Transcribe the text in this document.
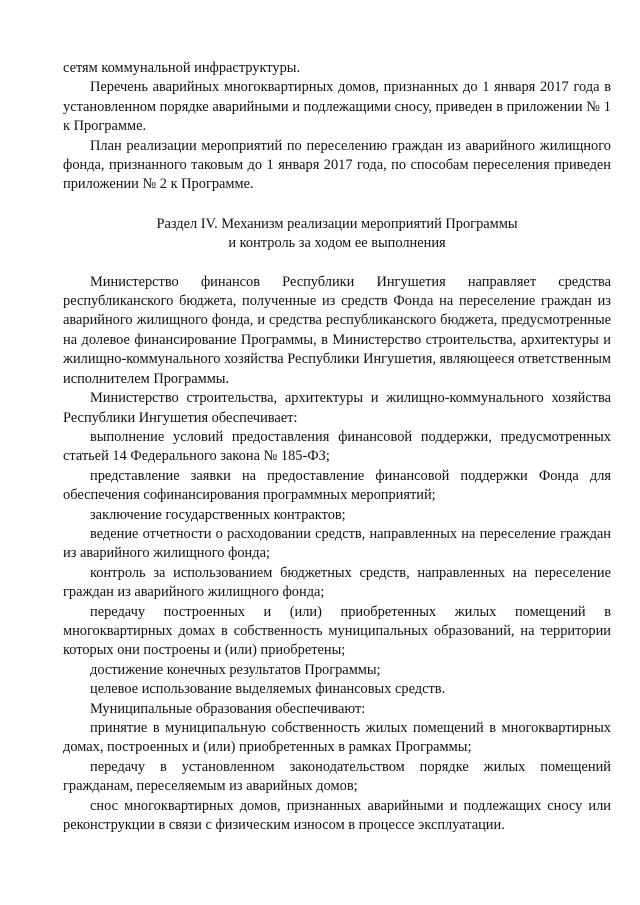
сетям коммунальной инфраструктуры.

Перечень аварийных многоквартирных домов, признанных до 1 января 2017 года в установленном порядке аварийными и подлежащими сносу, приведен в приложении № 1 к Программе.

План реализации мероприятий по переселению граждан из аварийного жилищного фонда, признанного таковым до 1 января 2017 года, по способам переселения приведен приложении № 2 к Программе.

Раздел IV. Механизм реализации мероприятий Программы
и контроль за ходом ее выполнения

Министерство финансов Республики Ингушетия направляет средства республиканского бюджета, полученные из средств Фонда на переселение граждан из аварийного жилищного фонда, и средства республиканского бюджета, предусмотренные на долевое финансирование Программы, в Министерство строительства, архитектуры и жилищно-коммунального хозяйства Республики Ингушетия, являющееся ответственным исполнителем Программы.

Министерство строительства, архитектуры и жилищно-коммунального хозяйства Республики Ингушетия обеспечивает:

выполнение условий предоставления финансовой поддержки, предусмотренных статьей 14 Федерального закона № 185-ФЗ;

представление заявки на предоставление финансовой поддержки Фонда для обеспечения софинансирования программных мероприятий;

заключение государственных контрактов;

ведение отчетности о расходовании средств, направленных на переселение граждан из аварийного жилищного фонда;

контроль за использованием бюджетных средств, направленных на переселение граждан из аварийного жилищного фонда;

передачу построенных и (или) приобретенных жилых помещений в многоквартирных домах в собственность муниципальных образований, на территории которых они построены и (или) приобретены;

достижение конечных результатов Программы;

целевое использование выделяемых финансовых средств.

Муниципальные образования обеспечивают:

принятие в муниципальную собственность жилых помещений в многоквартирных домах, построенных и (или) приобретенных в рамках Программы;

передачу в установленном законодательством порядке жилых помещений гражданам, переселяемым из аварийных домов;

снос многоквартирных домов, признанных аварийными и подлежащих сносу или реконструкции в связи с физическим износом в процессе эксплуатации.
